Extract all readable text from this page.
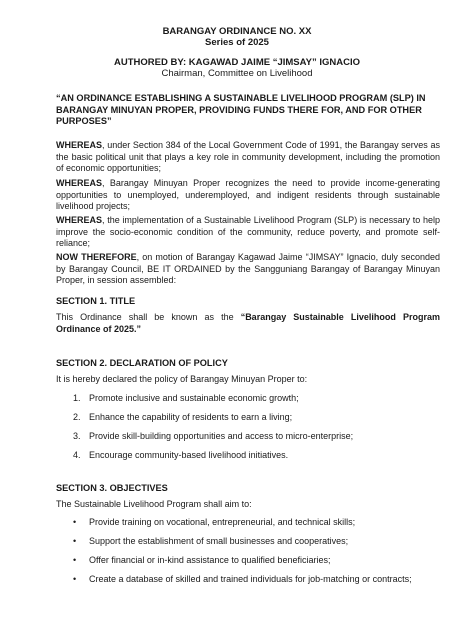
BARANGAY ORDINANCE NO. XX
Series of 2025
AUTHORED BY: KAGAWAD JAIME “JIMSAY” IGNACIO
Chairman, Committee on Livelihood
“AN ORDINANCE ESTABLISHING A SUSTAINABLE LIVELIHOOD PROGRAM (SLP) IN BARANGAY MINUYAN PROPER, PROVIDING FUNDS THERE FOR, AND FOR OTHER PURPOSES”
WHEREAS, under Section 384 of the Local Government Code of 1991, the Barangay serves as the basic political unit that plays a key role in community development, including the promotion of economic opportunities;
WHEREAS, Barangay Minuyan Proper recognizes the need to provide income-generating opportunities to unemployed, underemployed, and indigent residents through sustainable livelihood projects;
WHEREAS, the implementation of a Sustainable Livelihood Program (SLP) is necessary to help improve the socio-economic condition of the community, reduce poverty, and promote self-reliance;
NOW THEREFORE, on motion of Barangay Kagawad Jaime “JIMSAY” Ignacio, duly seconded by Barangay Council, BE IT ORDAINED by the Sangguniang Barangay of Barangay Minuyan Proper, in session assembled:
SECTION 1. TITLE
This Ordinance shall be known as the “Barangay Sustainable Livelihood Program Ordinance of 2025.”
SECTION 2. DECLARATION OF POLICY
It is hereby declared the policy of Barangay Minuyan Proper to:
1. Promote inclusive and sustainable economic growth;
2. Enhance the capability of residents to earn a living;
3. Provide skill-building opportunities and access to micro-enterprise;
4. Encourage community-based livelihood initiatives.
SECTION 3. OBJECTIVES
The Sustainable Livelihood Program shall aim to:
• Provide training on vocational, entrepreneurial, and technical skills;
• Support the establishment of small businesses and cooperatives;
• Offer financial or in-kind assistance to qualified beneficiaries;
• Create a database of skilled and trained individuals for job-matching or contracts;
